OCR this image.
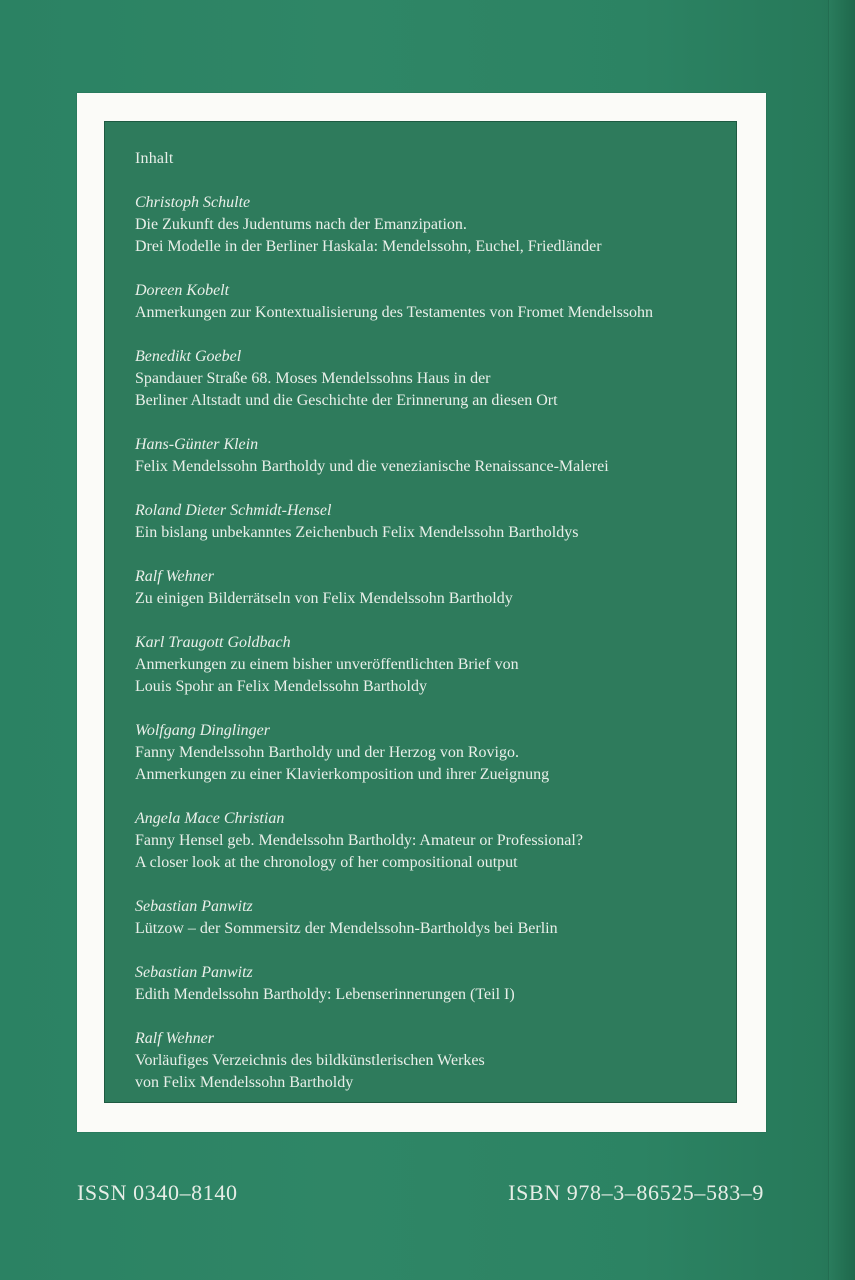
Inhalt
Christoph Schulte
Die Zukunft des Judentums nach der Emanzipation.
Drei Modelle in der Berliner Haskala: Mendelssohn, Euchel, Friedländer
Doreen Kobelt
Anmerkungen zur Kontextualisierung des Testamentes von Fromet Mendelssohn
Benedikt Goebel
Spandauer Straße 68. Moses Mendelssohns Haus in der
Berliner Altstadt und die Geschichte der Erinnerung an diesen Ort
Hans-Günter Klein
Felix Mendelssohn Bartholdy und die venezianische Renaissance-Malerei
Roland Dieter Schmidt-Hensel
Ein bislang unbekanntes Zeichenbuch Felix Mendelssohn Bartholdys
Ralf Wehner
Zu einigen Bilderrätseln von Felix Mendelssohn Bartholdy
Karl Traugott Goldbach
Anmerkungen zu einem bisher unveröffentlichten Brief von
Louis Spohr an Felix Mendelssohn Bartholdy
Wolfgang Dinglinger
Fanny Mendelssohn Bartholdy und der Herzog von Rovigo.
Anmerkungen zu einer Klavierkomposition und ihrer Zueignung
Angela Mace Christian
Fanny Hensel geb. Mendelssohn Bartholdy: Amateur or Professional?
A closer look at the chronology of her compositional output
Sebastian Panwitz
Lützow – der Sommersitz der Mendelssohn-Bartholdys bei Berlin
Sebastian Panwitz
Edith Mendelssohn Bartholdy: Lebenserinnerungen (Teil I)
Ralf Wehner
Vorläufiges Verzeichnis des bildkünstlerischen Werkes
von Felix Mendelssohn Bartholdy
ISSN 0340–8140	ISBN 978–3–86525–583–9
